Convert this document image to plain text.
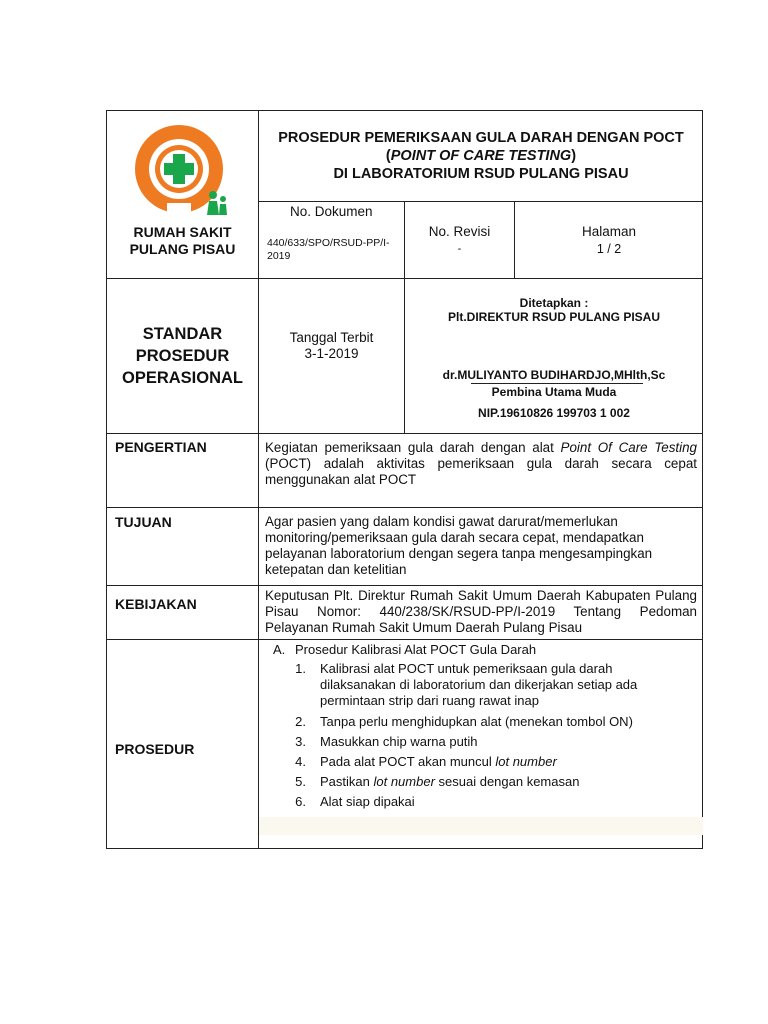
RSUD PULANG PISAU
RUMAH SAKIT
PULANG PISAU
PROSEDUR PEMERIKSAAN GULA DARAH DENGAN POCT
(POINT OF CARE TESTING)
DI LABORATORIUM RSUD PULANG PISAU
No. Dokumen
440/633/SPO/RSUD-PP/I-2019
No. Revisi
-
Halaman
1 / 2
STANDAR
PROSEDUR
OPERASIONAL
Tanggal Terbit
3-1-2019
Ditetapkan :
Plt.DIREKTUR RSUD PULANG PISAU
dr.MULIYANTO BUDIHARDJO,MHlth,Sc
Pembina Utama Muda
NIP.19610826 199703 1 002
PENGERTIAN	Kegiatan pemeriksaan gula darah dengan alat Point Of Care Testing (POCT) adalah aktivitas pemeriksaan gula darah secara cepat menggunakan alat POCT
TUJUAN	Agar pasien yang dalam kondisi gawat darurat/memerlukan monitoring/pemeriksaan gula darah secara cepat, mendapatkan pelayanan laboratorium dengan segera tanpa mengesampingkan ketepatan dan ketelitian
KEBIJAKAN
Keputusan Plt. Direktur Rumah Sakit Umum Daerah Kabupaten Pulang Pisau Nomor: 440/238/SK/RSUD-PP/I-2019 Tentang Pedoman Pelayanan Rumah Sakit Umum Daerah Pulang Pisau
PROSEDUR
A. Prosedur Kalibrasi Alat POCT Gula Darah
1. Kalibrasi alat POCT untuk pemeriksaan gula darah dilaksanakan di laboratorium dan dikerjakan setiap ada permintaan strip dari ruang rawat inap
2. Tanpa perlu menghidupkan alat (menekan tombol ON)
3. Masukkan chip warna putih
4. Pada alat POCT akan muncul lot number
5. Pastikan lot number sesuai dengan kemasan
6. Alat siap dipakai
